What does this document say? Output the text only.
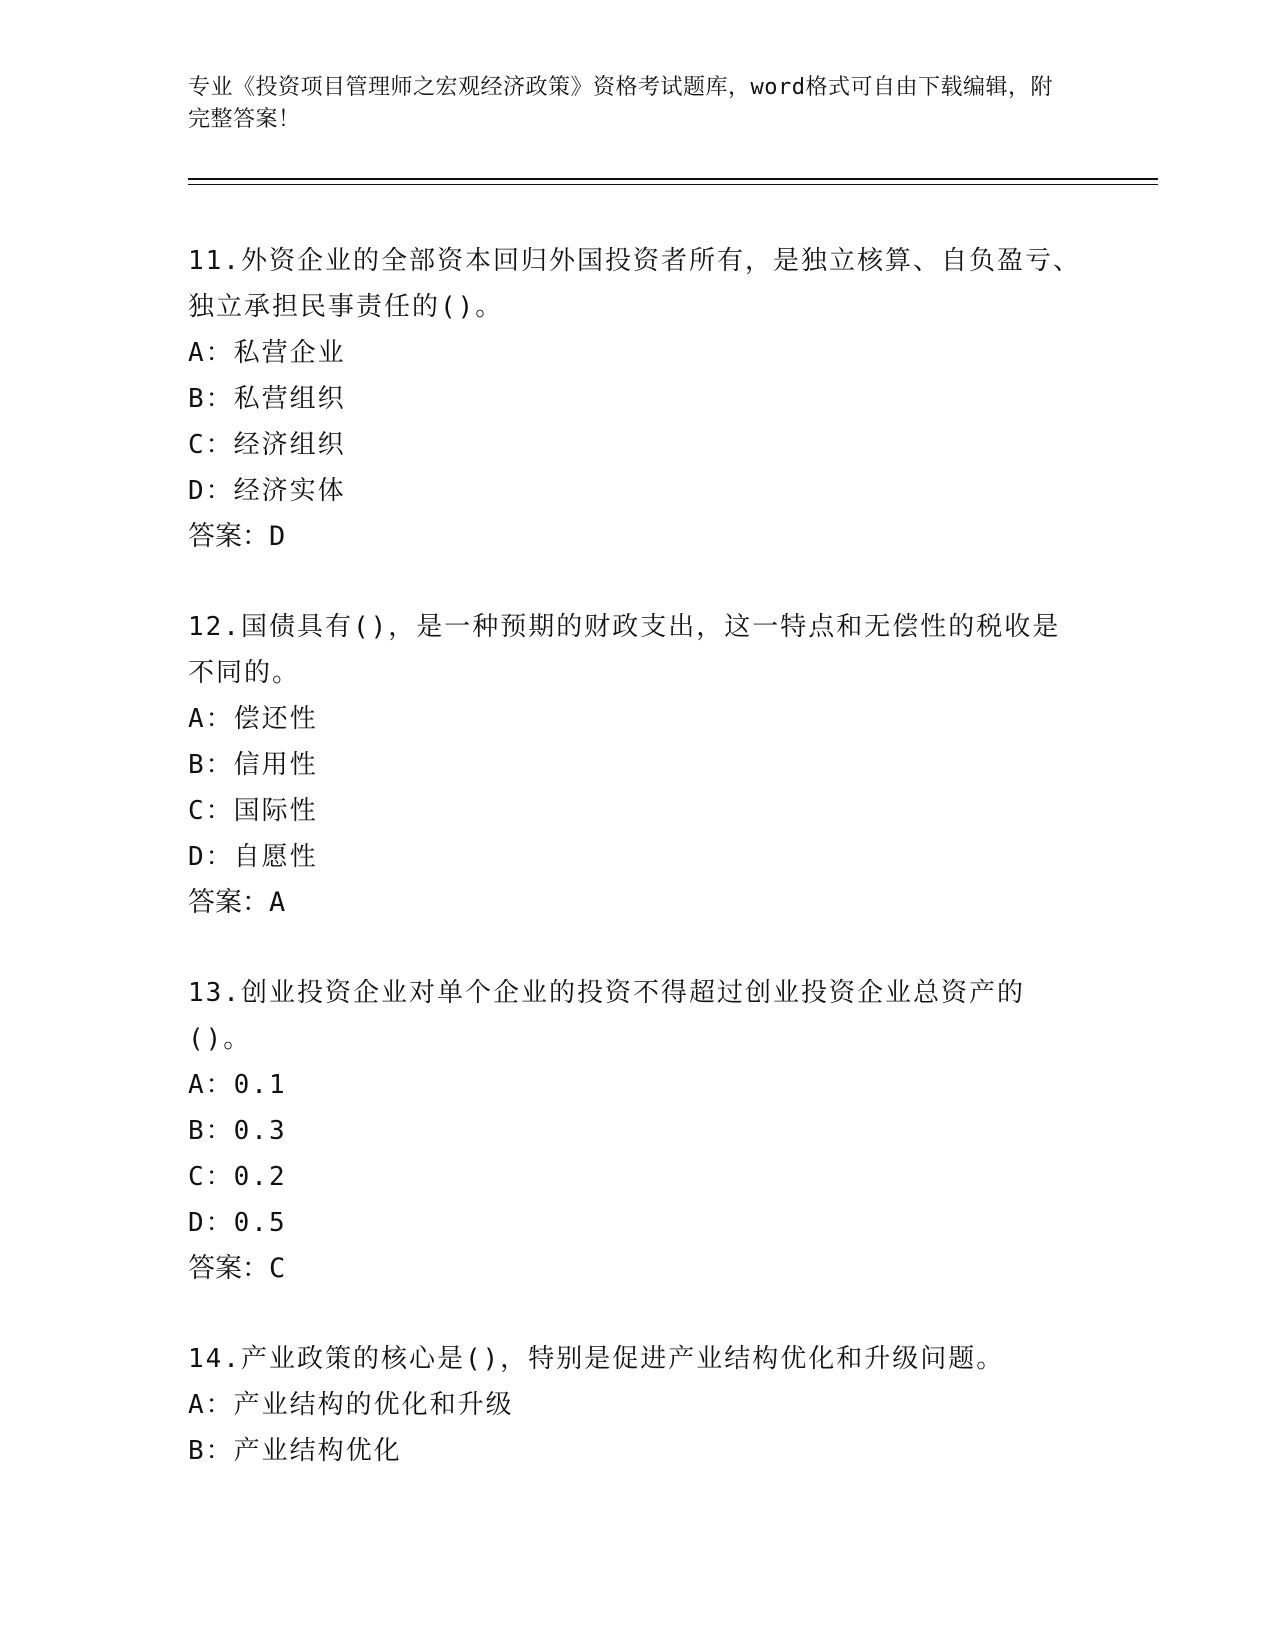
专业《投资项目管理师之宏观经济政策》资格考试题库，word格式可自由下载编辑，附完整答案！

11.外资企业的全部资本回归外国投资者所有，是独立核算、自负盈亏、独立承担民事责任的()。

A：私营企业

B：私营组织

C：经济组织

D：经济实体

答案：D

12.国债具有()，是一种预期的财政支出，这一特点和无偿性的税收是不同的。

A：偿还性

B：信用性

C：国际性

D：自愿性

答案：A

13.创业投资企业对单个企业的投资不得超过创业投资企业总资产的()。

A：0.1

B：0.3

C：0.2

D：0.5

答案：C

14.产业政策的核心是()，特别是促进产业结构优化和升级问题。

A：产业结构的优化和升级

B：产业结构优化
